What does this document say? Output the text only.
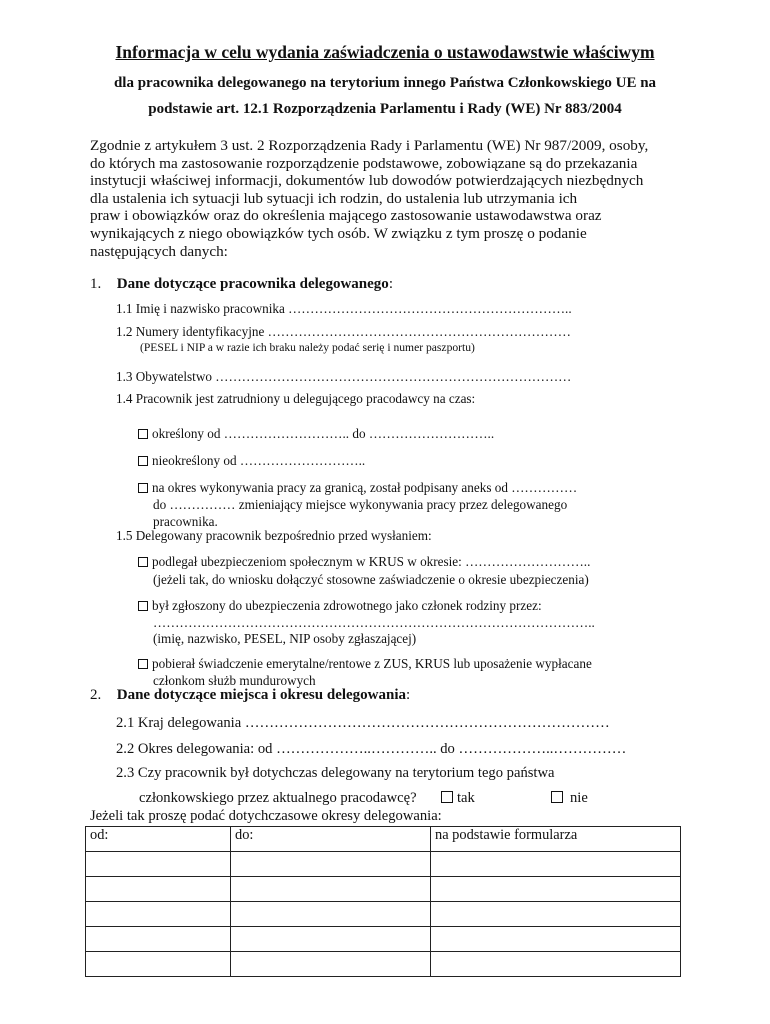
Informacja w celu wydania zaświadczenia o ustawodawstwie właściwym
dla pracownika delegowanego na terytorium innego Państwa Członkowskiego UE na
podstawie art. 12.1 Rozporządzenia Parlamentu i Rady (WE) Nr 883/2004
Zgodnie z artykułem 3 ust. 2 Rozporządzenia Rady i Parlamentu (WE) Nr 987/2009, osoby,
do których ma zastosowanie rozporządzenie podstawowe, zobowiązane są do przekazania
instytucji właściwej informacji, dokumentów lub dowodów potwierdzających niezbędnych
dla ustalenia ich sytuacji lub sytuacji ich rodzin, do ustalenia lub utrzymania ich
praw i obowiązków oraz do określenia mającego zastosowanie ustawodawstwa oraz
wynikających z niego obowiązków tych osób. W związku z tym proszę o podanie
następujących danych:
1. Dane dotyczące pracownika delegowanego:
1.1 Imię i nazwisko pracownika ………………………………………………………..
1.2 Numery identyfikacyjne ……………………………………………………………
(PESEL i NIP a w razie ich braku należy podać serię i numer paszportu)
1.3 Obywatelstwo ………………………………………………………………………
1.4 Pracownik jest zatrudniony u delegującego pracodawcy na czas:
określony od ……………………….. do ………………………..
nieokreślony od ………………………..
na okres wykonywania pracy za granicą, został podpisany aneks od ……………
do …………… zmieniający miejsce wykonywania pracy przez delegowanego
pracownika.
1.5 Delegowany pracownik bezpośrednio przed wysłaniem:
podlegał ubezpieczeniom społecznym w KRUS w okresie: ………………………..
(jeżeli tak, do wniosku dołączyć stosowne zaświadczenie o okresie ubezpieczenia)
był zgłoszony do ubezpieczenia zdrowotnego jako członek rodziny przez:
………………………………………………………………………………………..
(imię, nazwisko, PESEL, NIP osoby zgłaszającej)
pobierał świadczenie emerytalne/rentowe z ZUS, KRUS lub uposażenie wypłacane
członkom służb mundurowych
2. Dane dotyczące miejsca i okresu delegowania:
2.1 Kraj delegowania …………………………………………………………………
2.2 Okres delegowania: od ………………..………….. do ………………..……………
2.3 Czy pracownik był dotychczas delegowany na terytorium tego państwa
członkowskiego przez aktualnego pracodawcę?	tak	nie
Jeżeli tak proszę podać dotychczasowe okresy delegowania:
od:	do:	na podstawie formularza
